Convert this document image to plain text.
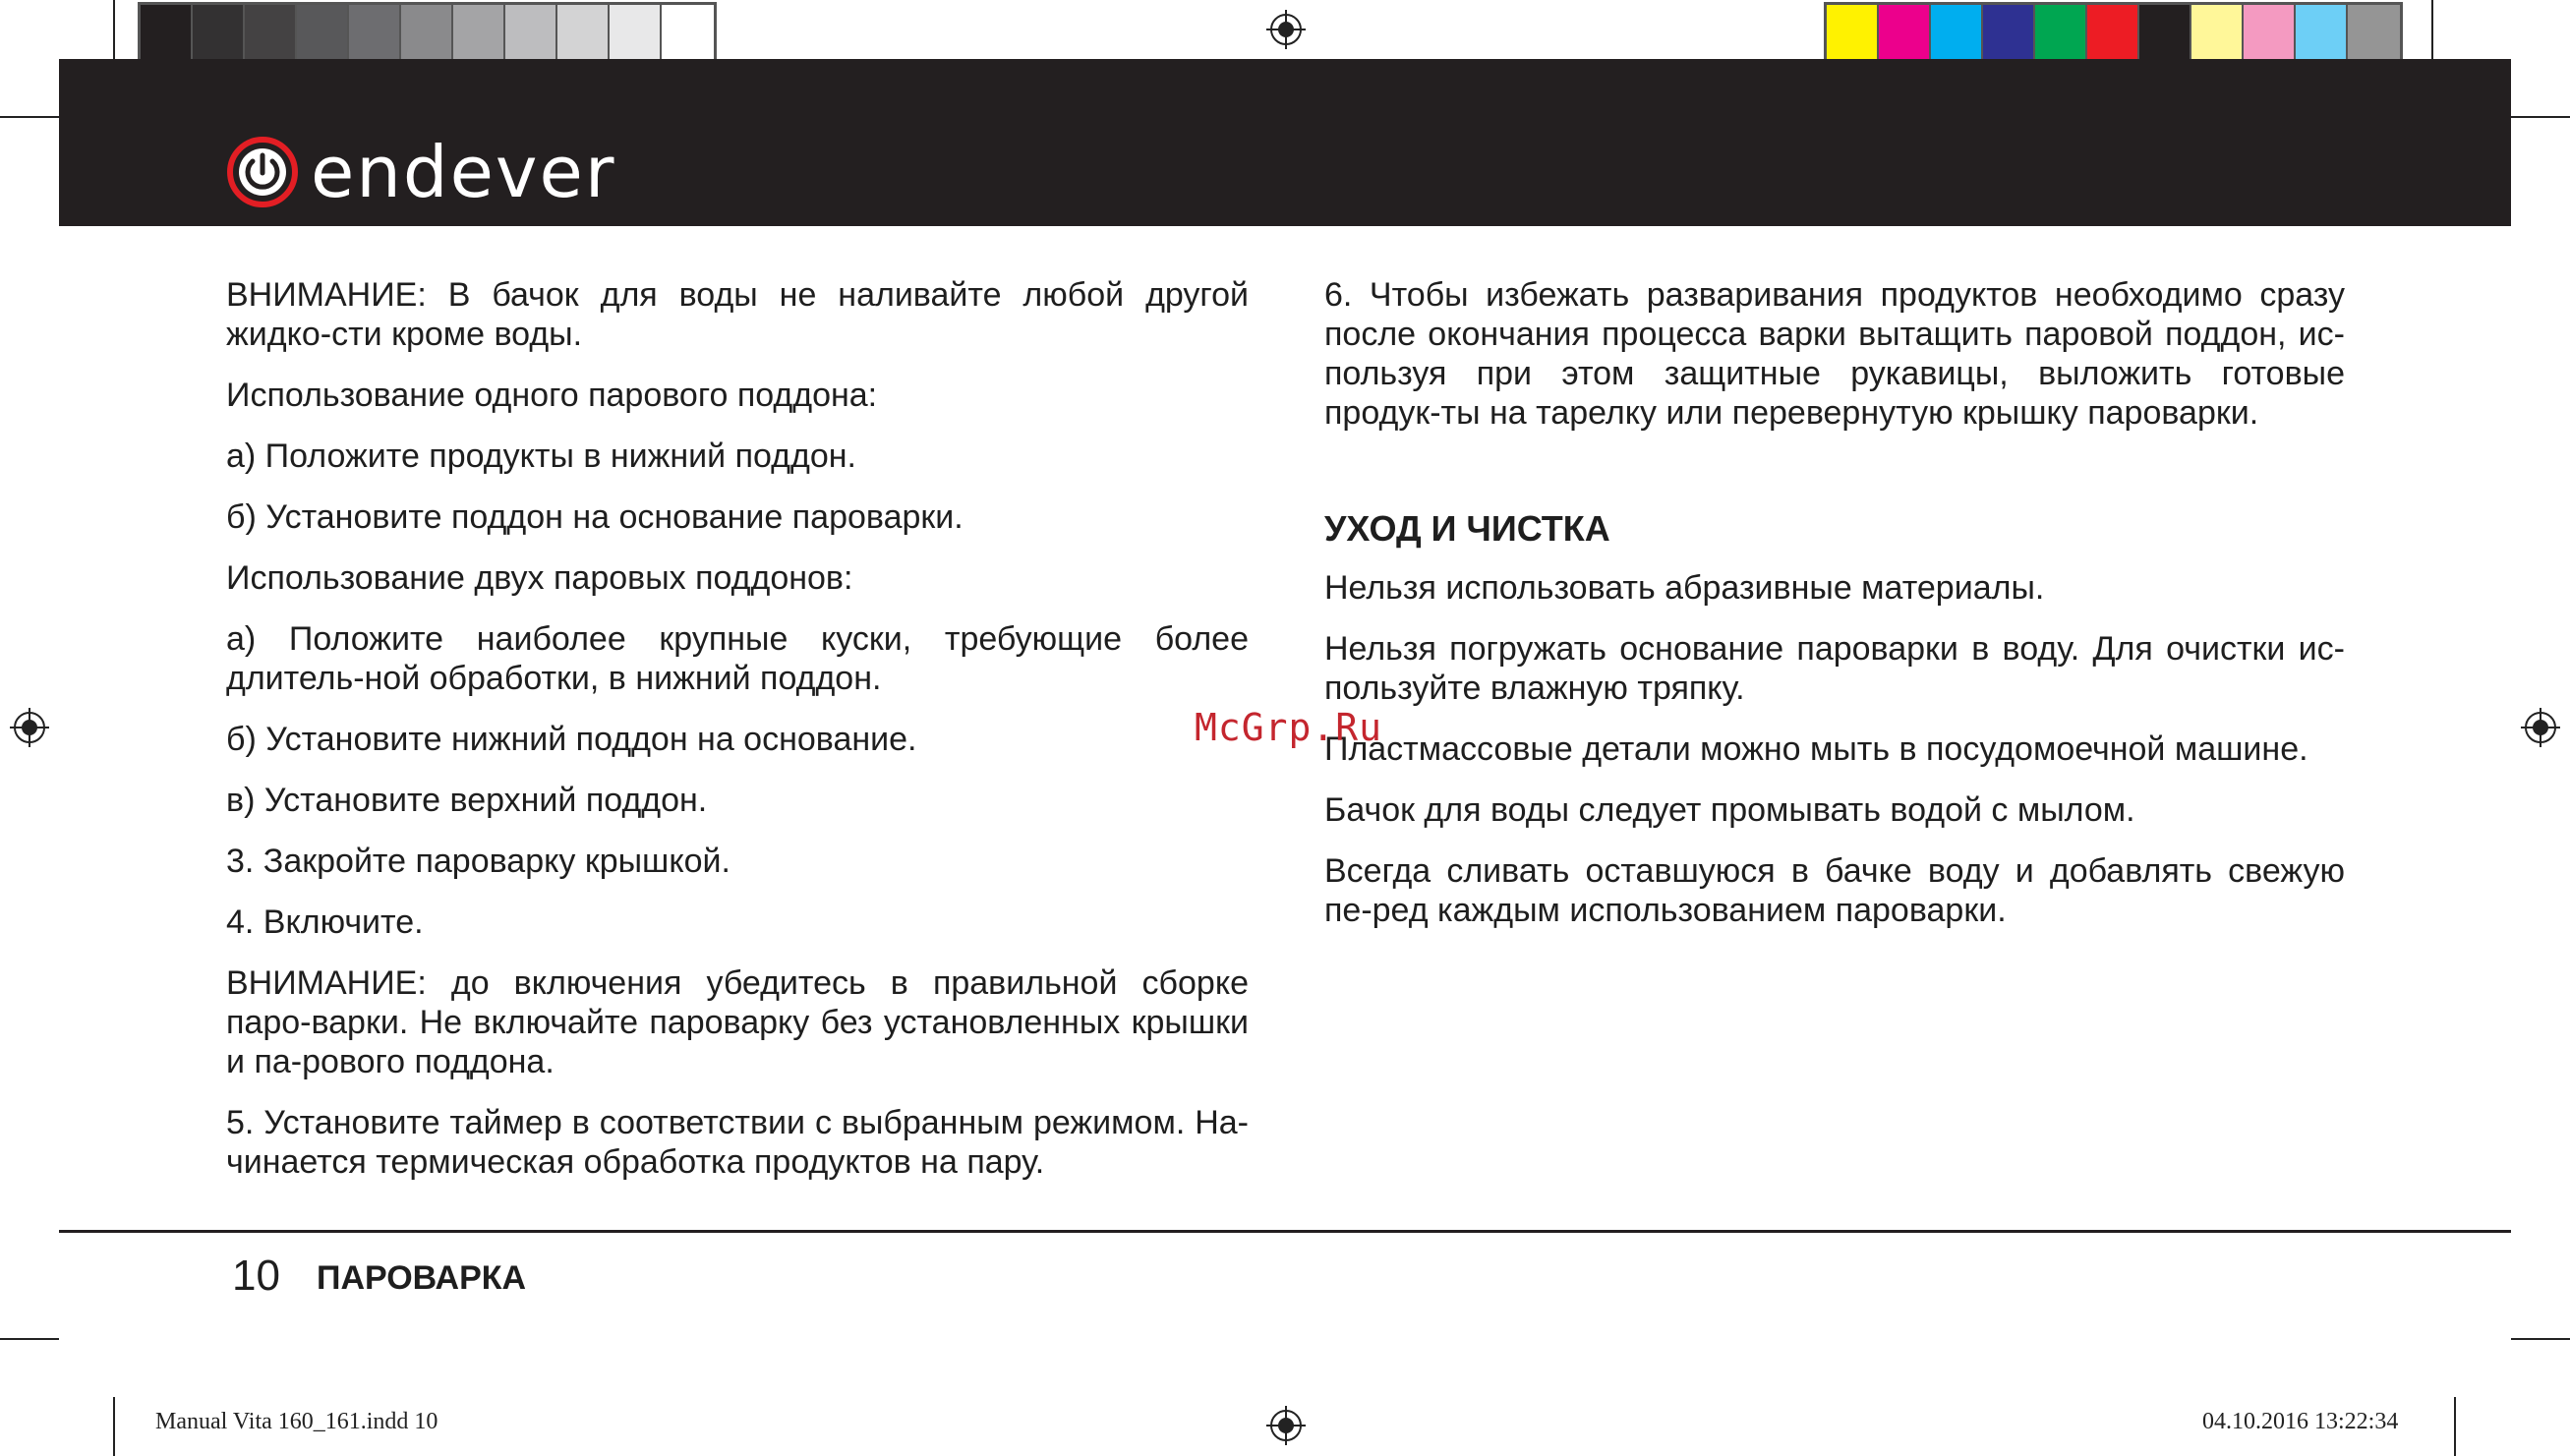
endever

ВНИМАНИЕ: В бачок для воды не наливайте любой другой жидко-сти кроме воды.

Использование одного парового поддона:

а) Положите продукты в нижний поддон.

б) Установите поддон на основание пароварки.

Использование двух паровых поддонов:

а) Положите наиболее крупные куски, требующие более длитель-ной обработки, в нижний поддон.

б) Установите нижний поддон на основание.

в) Установите верхний поддон.

3. Закройте пароварку крышкой.

4. Включите.

ВНИМАНИЕ: до включения убедитесь в правильной сборке паро-варки. Не включайте пароварку без установленных крышки и па-рового поддона.

5. Установите таймер в соответствии с выбранным режимом. На-чинается термическая обработка продуктов на пару.

6. Чтобы избежать разваривания продуктов необходимо сразу после окончания процесса варки вытащить паровой поддон, ис-пользуя при этом защитные рукавицы, выложить готовые продук-ты на тарелку или перевернутую крышку пароварки.

УХОД И ЧИСТКА

Нельзя использовать абразивные материалы.

Нельзя погружать основание пароварки в воду. Для очистки ис-пользуйте влажную тряпку.

Пластмассовые детали можно мыть в посудомоечной машине.

Бачок для воды следует промывать водой с мылом.

Всегда сливать оставшуюся в бачке воду и добавлять свежую пе-ред каждым использованием пароварки.

McGrp.Ru
10 ПАРОВАРКА
Manual Vita 160_161.indd 10	04.10.2016 13:22:34
